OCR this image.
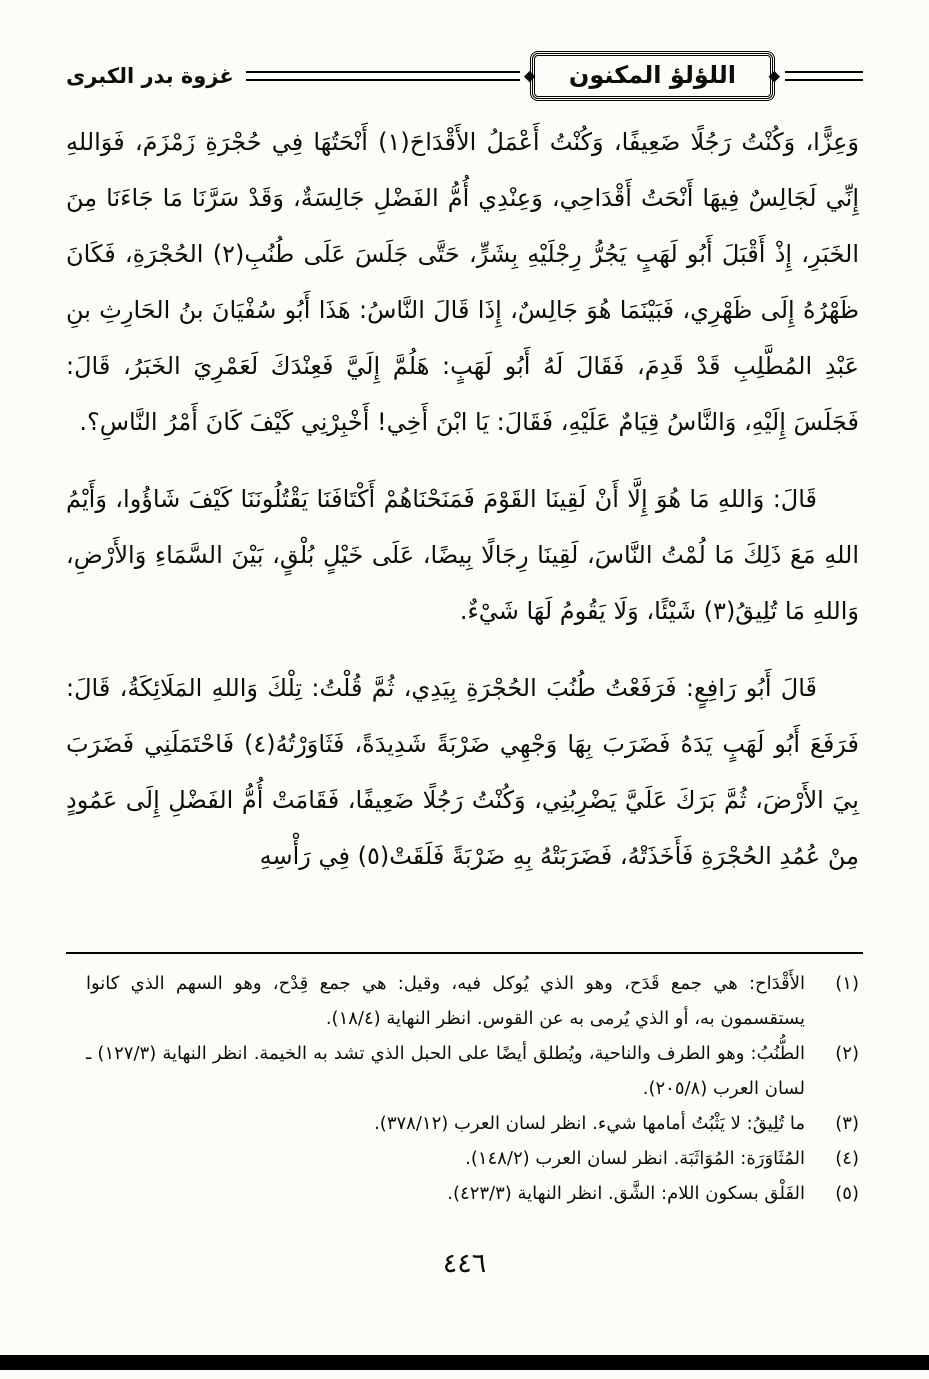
◆
اللؤلؤ المكنون
◆
غزوة بدر الكبرى

وَعِزًّا، وَكُنْتُ رَجُلًا ضَعِيفًا، وَكُنْتُ أَعْمَلُ الأَقْدَاحَ(١) أَنْحَتُهَا فِي حُجْرَةِ زَمْزَمَ، فَوَاللهِ إِنِّي لَجَالِسٌ فِيهَا أَنْحَتُ أَقْدَاحِي، وَعِنْدِي أُمُّ الفَضْلِ جَالِسَةٌ، وَقَدْ سَرَّنَا مَا جَاءَنَا مِنَ الخَبَرِ، إِذْ أَقْبَلَ أَبُو لَهَبٍ يَجُرُّ رِجْلَيْهِ بِشَرٍّ، حَتَّى جَلَسَ عَلَى طُنُبِ(٢) الحُجْرَةِ، فَكَانَ ظَهْرُهُ إِلَى ظَهْرِي، فَبَيْنَمَا هُوَ جَالِسٌ، إِذَا قَالَ النَّاسُ: هَذَا أَبُو سُفْيَانَ بنُ الحَارِثِ بنِ عَبْدِ المُطَّلِبِ قَدْ قَدِمَ، فَقَالَ لَهُ أَبُو لَهَبٍ: هَلُمَّ إِلَيَّ فَعِنْدَكَ لَعَمْرِيَ الخَبَرُ، قَالَ: فَجَلَسَ إِلَيْهِ، وَالنَّاسُ قِيَامٌ عَلَيْهِ، فَقَالَ: يَا ابْنَ أَخِي! أَخْبِرْنِي كَيْفَ كَانَ أَمْرُ النَّاسِ؟.

قَالَ: وَاللهِ مَا هُوَ إِلَّا أَنْ لَقِينَا القَوْمَ فَمَنَحْنَاهُمْ أَكْتَافَنَا يَقْتُلُونَنَا كَيْفَ شَاؤُوا، وَأَيْمُ اللهِ مَعَ ذَلِكَ مَا لُمْتُ النَّاسَ، لَقِينَا رِجَالًا بِيضًا، عَلَى خَيْلٍ بُلْقٍ، بَيْنَ السَّمَاءِ وَالأَرْضِ، وَاللهِ مَا تُلِيقُ(٣) شَيْئًا، وَلَا يَقُومُ لَهَا شَيْءٌ.

قَالَ أَبُو رَافِعٍ: فَرَفَعْتُ طُنُبَ الحُجْرَةِ بِيَدِي، ثُمَّ قُلْتُ: تِلْكَ وَاللهِ المَلَائِكَةُ، قَالَ: فَرَفَعَ أَبُو لَهَبٍ يَدَهُ فَضَرَبَ بِهَا وَجْهِي ضَرْبَةً شَدِيدَةً، فَثَاوَرْتُهُ(٤) فَاحْتَمَلَنِي فَضَرَبَ بِيَ الأَرْضَ، ثُمَّ بَرَكَ عَلَيَّ يَضْرِبُنِي، وَكُنْتُ رَجُلًا ضَعِيفًا، فَقَامَتْ أُمُّ الفَضْلِ إِلَى عَمُودٍ مِنْ عُمُدِ الحُجْرَةِ فَأَخَذَتْهُ، فَضَرَبَتْهُ بِهِ ضَرْبَةً فَلَقَتْ(٥) فِي رَأْسِهِ

(١)
الأَقْدَاح: هي جمع قَدَح، وهو الذي يُوكل فيه، وقيل: هي جمع قِدْح، وهو السهم الذي كانوا يستقسمون به، أو الذي يُرمى به عن القوس. انظر النهاية (١٨/٤).
(٢)
الطُّنُبُ: وهو الطرف والناحية، ويُطلق أيضًا على الحبل الذي تشد به الخيمة. انظر النهاية (١٢٧/٣) ـ لسان العرب (٢٠٥/٨).
(٣)
ما تُلِيقُ: لا يَثْبُتُ أمامها شيء. انظر لسان العرب (٣٧٨/١٢).
(٤)
المُثَاوَرَة: المُوَاثَبَة. انظر لسان العرب (١٤٨/٢).
(٥)
الفَلْق بسكون اللام: الشَّق. انظر النهاية (٤٢٣/٣).
٤٤٦
